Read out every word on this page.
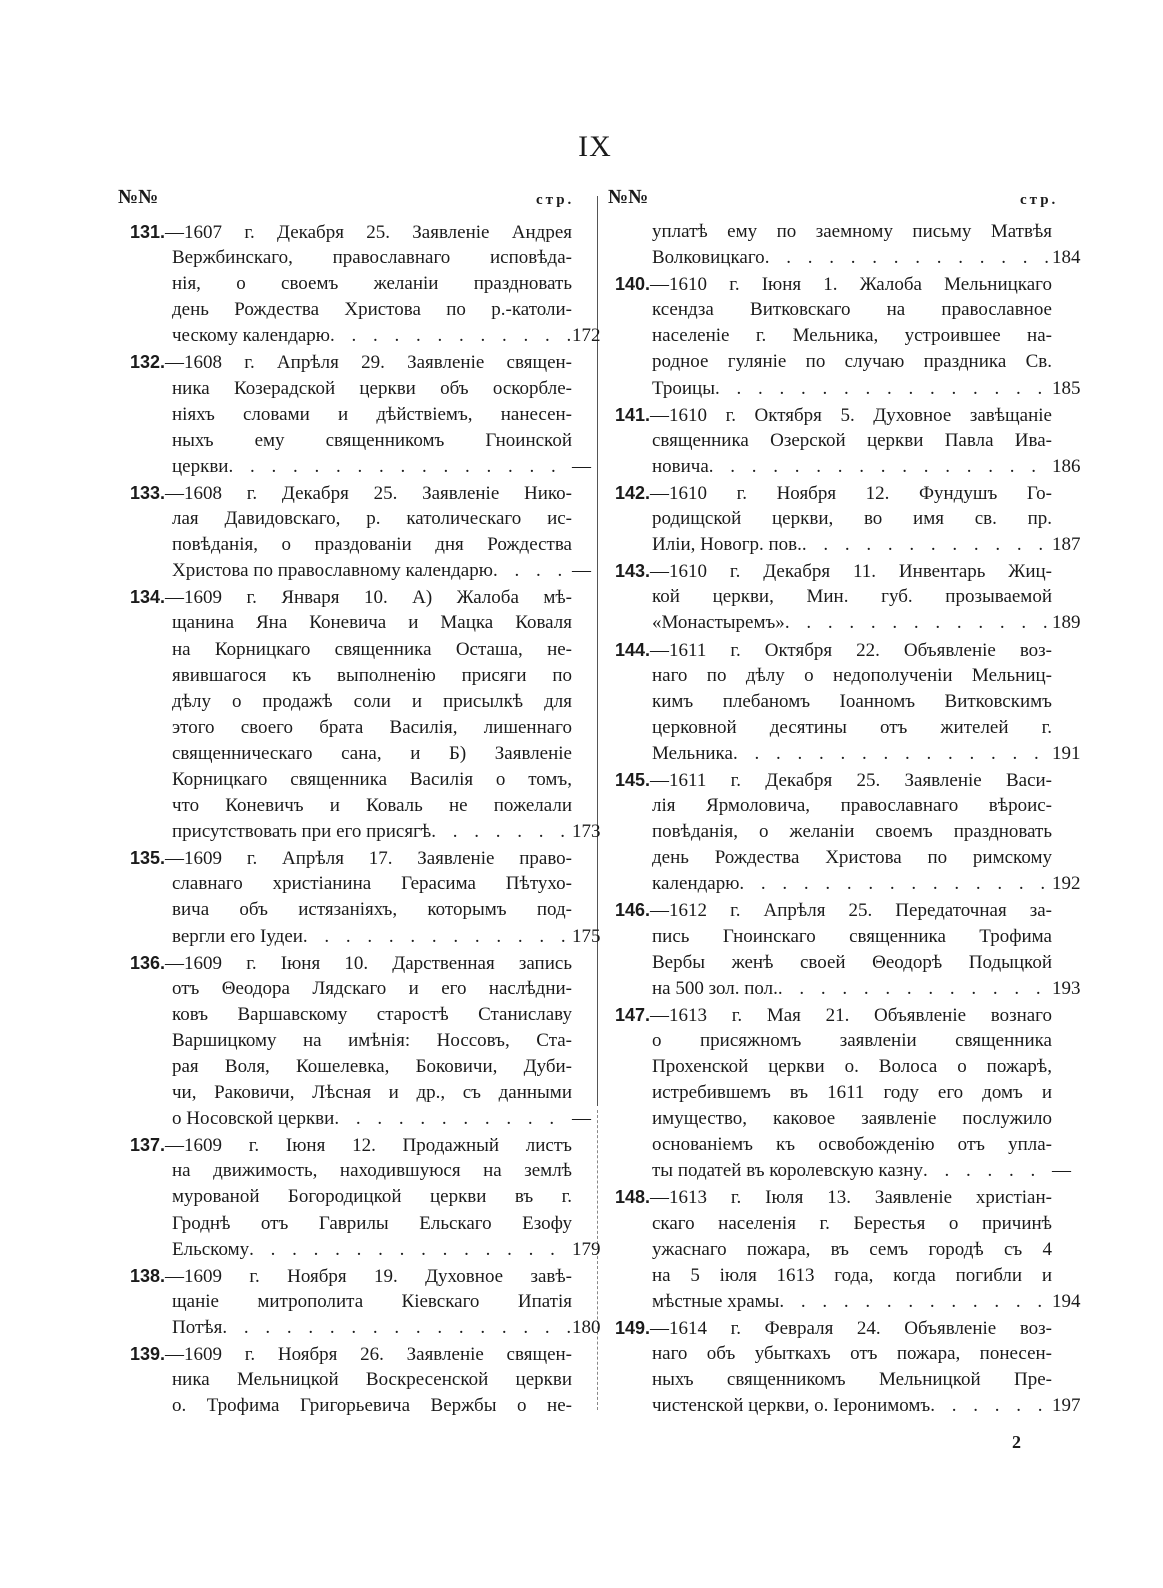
IX
№№	стр. №№	стр.
131.—1607 г. Декабря 25. Заявленіе Андрея
Вержбинскаго, православнаго исповѣда-
нія, о своемъ желаніи праздновать
день Рождества Христова по р.-католи-
ческому календарю . . .	172
132.—1608 г. Апрѣля 29. Заявленіе священ-
ника Козерадской церкви объ оскорбле-
ніяхъ словами и дѣйствіемъ, нанесен-
ныхъ ему священникомъ Гноинской
церкви . . .	—
133.—1608 г. Декабря 25. Заявленіе Нико-
лая Давидовскаго, р. католическаго ис-
повѣданія, о праздованіи дня Рождества
Христова по православному календарю . . .	—
134.—1609 г. Января 10. А) Жалоба мѣ-
щанина Яна Коневича и Мацка Коваля
на Корницкаго священника Осташа, не-
явившагося къ выполненію присяги по
дѣлу о продажѣ соли и присылкѣ для
этого своего брата Василія, лишеннаго
священническаго сана, и Б) Заявленіе
Корницкаго священника Василія о томъ,
что Коневичъ и Коваль не пожелали
присутствовать при его присягѣ . . .	173
135.—1609 г. Апрѣля 17. Заявленіе право-
славнаго христіанина Герасима Пѣтухо-
вича объ истязаніяхъ, которымъ под-
вергли его Іудеи . . .	175
136.—1609 г. Іюня 10. Дарственная запись
отъ Θеодора Лядскаго и его наслѣдни-
ковъ Варшавскому старостѣ Станиславу
Варшицкому на имѣнія: Носсовъ, Ста-
рая Воля, Кошелевка, Боковичи, Дуби-
чи, Раковичи, Лѣсная и др., съ данными
о Носовской церкви . . .	—
137.—1609 г. Іюня 12. Продажный листъ
на движимость, находившуюся на землѣ
мурованой Богородицкой церкви въ г.
Гроднѣ отъ Гаврилы Ельскаго Езофу
Ельскому . . .	179
138.—1609 г. Ноября 19. Духовное завѣ-
щаніе митрополита Кіевскаго Ипатія
Потѣя . . .	180
139.—1609 г. Ноября 26. Заявленіе священ-
ника Мельницкой Воскресенской церкви
о. Трофима Григорьевича Вержбы о не-
уплатѣ ему по заемному письму Матвѣя
Волковицкаго . . .	184
140.—1610 г. Іюня 1. Жалоба Мельницкаго
ксендза Витковскаго на православное
населеніе г. Мельника, устроившее на-
родное гуляніе по случаю праздника Св.
Троицы . . .	185
141.—1610 г. Октября 5. Духовное завѣщаніе
священника Озерской церкви Павла Ива-
новича . . .	186
142.—1610 г. Ноября 12. Фундушъ Го-
родищской церкви, во имя св. пр.
Иліи, Новогр. пов. . . .	187
143.—1610 г. Декабря 11. Инвентарь Жиц-
кой церкви, Мин. губ. прозываемой
«Монастыремъ» . . .	189
144.—1611 г. Октября 22. Объявленіе воз-
наго по дѣлу о недополученіи Мельниц-
кимъ плебаномъ Іоанномъ Витковскимъ
церковной десятины отъ жителей г.
Мельника . . .	191
145.—1611 г. Декабря 25. Заявленіе Васи-
лія Ярмоловича, православнаго вѣроис-
повѣданія, о желаніи своемъ праздновать
день Рождества Христова по римскому
календарю . . .	192
146.—1612 г. Апрѣля 25. Передаточная за-
пись Гноинскаго священника Трофима
Вербы женѣ своей Θеодорѣ Подыцкой
на 500 зол. пол. . . .	193
147.—1613 г. Мая 21. Объявленіе вознаго
о присяжномъ заявленіи священника
Прохенской церкви о. Волоса о пожарѣ,
истребившемъ въ 1611 году его домъ и
имущество, каковое заявленіе послужило
основаніемъ къ освобожденію отъ упла-
ты податей въ королевскую казну . . .	—
148.—1613 г. Іюля 13. Заявленіе христіан-
скаго населенія г. Берестья о причинѣ
ужаснаго пожара, въ семъ городѣ съ 4
на 5 іюля 1613 года, когда погибли и
мѣстные храмы . . .	194
149.—1614 г. Февраля 24. Объявленіе воз-
наго объ убыткахъ отъ пожара, понесен-
ныхъ священникомъ Мельницкой Пре-
чистенской церкви, о. Іеронимомъ . . .	197
2
